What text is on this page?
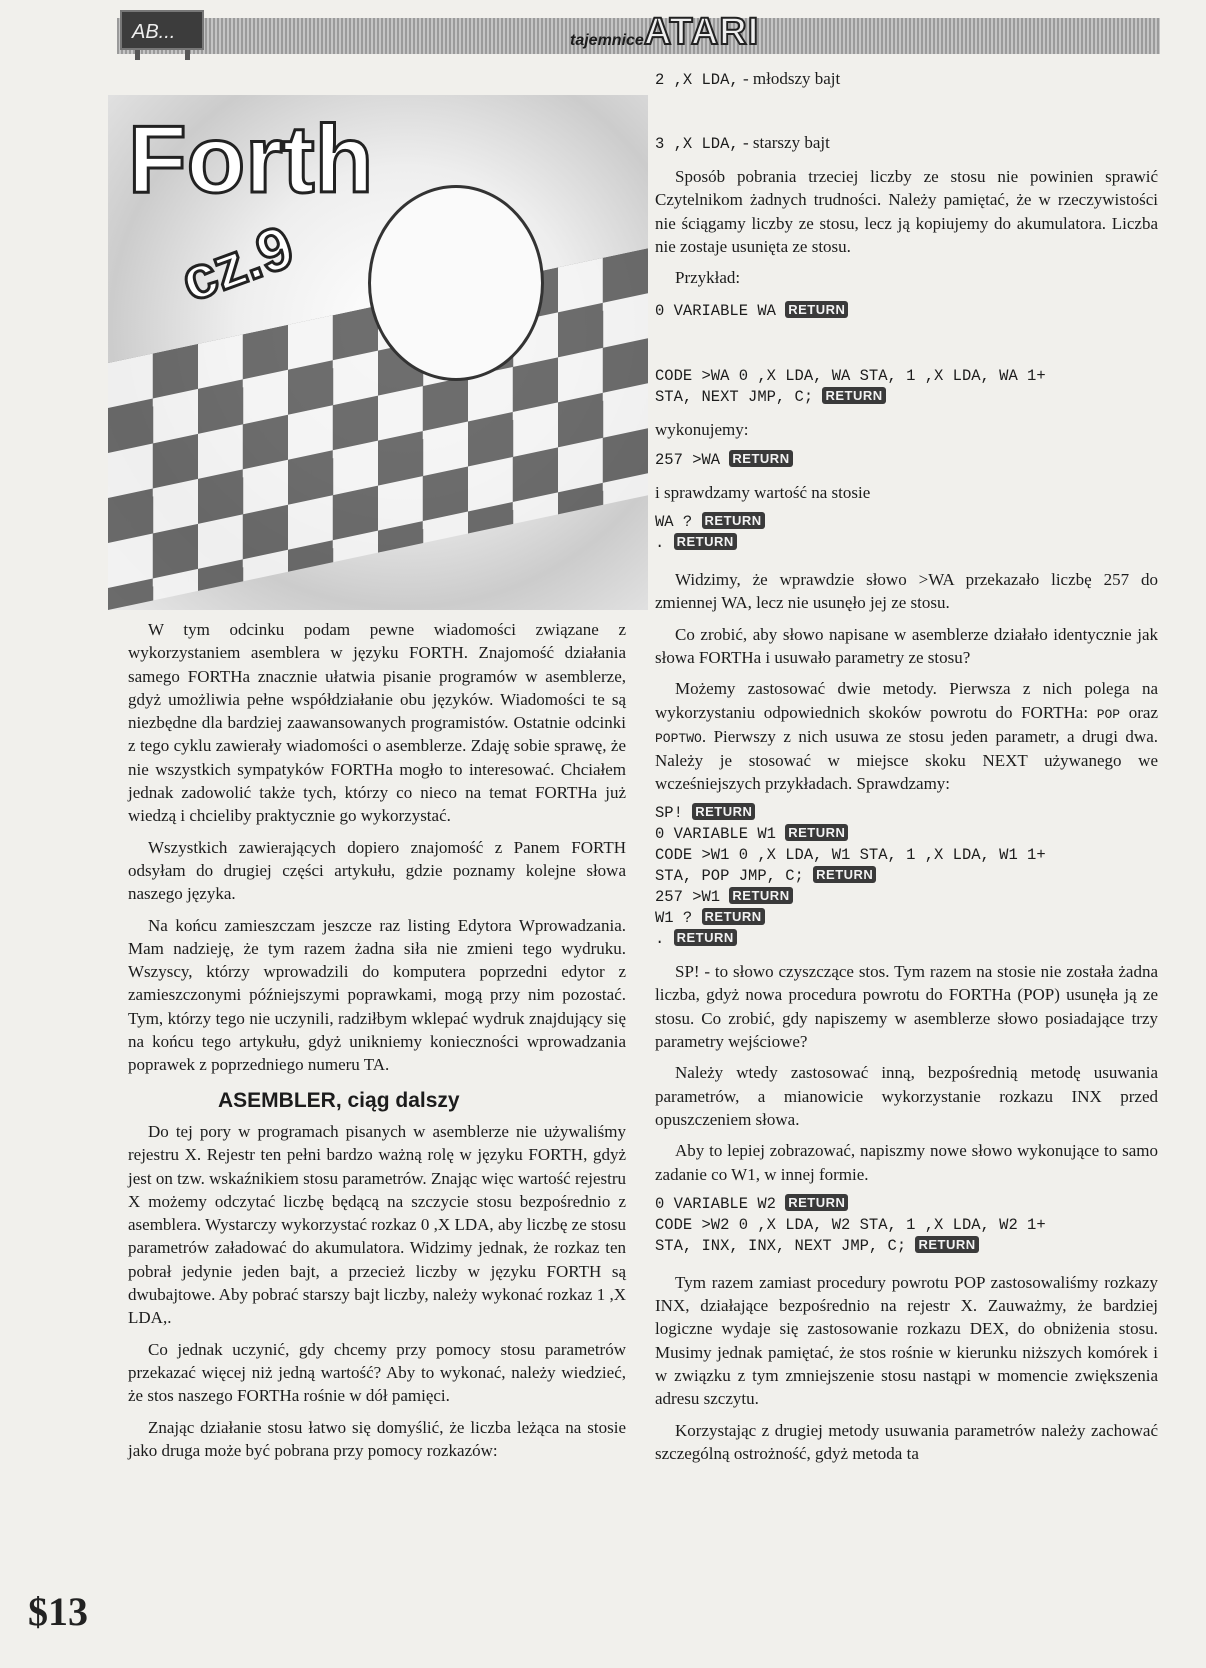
AB...	tajemniceATARI
Forth
cz.9

W tym odcinku podam pewne wiadomości związane z wykorzystaniem asemblera w języku FORTH. Znajomość działania samego FORTHa znacznie ułatwia pisanie programów w asemblerze, gdyż umożliwia pełne współdziałanie obu języków. Wiadomości te są niezbędne dla bardziej zaawansowanych programistów. Ostatnie odcinki z tego cyklu zawierały wiadomości o asemblerze. Zdaję sobie sprawę, że nie wszystkich sympatyków FORTHa mogło to interesować. Chciałem jednak zadowolić także tych, którzy co nieco na temat FORTHa już wiedzą i chcieliby praktycznie go wykorzystać.

Wszystkich zawierających dopiero znajomość z Panem FORTH odsyłam do drugiej części artykułu, gdzie poznamy kolejne słowa naszego języka.

Na końcu zamieszczam jeszcze raz listing Edytora Wprowadzania. Mam nadzieję, że tym razem żadna siła nie zmieni tego wydruku. Wszyscy, którzy wprowadzili do komputera poprzedni edytor z zamieszczonymi późniejszymi poprawkami, mogą przy nim pozostać. Tym, którzy tego nie uczynili, radziłbym wklepać wydruk znajdujący się na końcu tego artykułu, gdyż unikniemy konieczności wprowadzania poprawek z poprzedniego numeru TA.

ASEMBLER, ciąg dalszy

Do tej pory w programach pisanych w asemblerze nie używaliśmy rejestru X. Rejestr ten pełni bardzo ważną rolę w języku FORTH, gdyż jest on tzw. wskaźnikiem stosu parametrów. Znając więc wartość rejestru X możemy odczytać liczbę będącą na szczycie stosu bezpośrednio z asemblera. Wystarczy wykorzystać rozkaz 0 ,X LDA, aby liczbę ze stosu parametrów załadować do akumulatora. Widzimy jednak, że rozkaz ten pobrał jedynie jeden bajt, a przecież liczby w języku FORTH są dwubajtowe. Aby pobrać starszy bajt liczby, należy wykonać rozkaz 1 ,X LDA,.

Co jednak uczynić, gdy chcemy przy pomocy stosu parametrów przekazać więcej niż jedną wartość? Aby to wykonać, należy wiedzieć, że stos naszego FORTHa rośnie w dół pamięci.

Znając działanie stosu łatwo się domyślić, że liczba leżąca na stosie jako druga może być pobrana przy pomocy rozkazów:

2 ,X LDA, - młodszy bajt

3 ,X LDA, - starszy bajt

Sposób pobrania trzeciej liczby ze stosu nie powinien sprawić Czytelnikom żadnych trudności. Należy pamiętać, że w rzeczywistości nie ściągamy liczby ze stosu, lecz ją kopiujemy do akumulatora. Liczba nie zostaje usunięta ze stosu.

Przykład:

0 VARIABLE WA RETURN
CODE >WA 0 ,X LDA, WA STA, 1 ,X LDA, WA 1+
STA, NEXT JMP, C; RETURN

wykonujemy:

257 >WA RETURN

i sprawdzamy wartość na stosie

WA ? RETURN
. RETURN

Widzimy, że wprawdzie słowo >WA przekazało liczbę 257 do zmiennej WA, lecz nie usunęło jej ze stosu.

Co zrobić, aby słowo napisane w asemblerze działało identycznie jak słowa FORTHa i usuwało parametry ze stosu?

Możemy zastosować dwie metody. Pierwsza z nich polega na wykorzystaniu odpowiednich skoków powrotu do FORTHa: POP oraz POPTWO. Pierwszy z nich usuwa ze stosu jeden parametr, a drugi dwa. Należy je stosować w miejsce skoku NEXT używanego we wcześniejszych przykładach. Sprawdzamy:

SP! RETURN
0 VARIABLE W1 RETURN
CODE >W1 0 ,X LDA, W1 STA, 1 ,X LDA, W1 1+
STA, POP JMP, C; RETURN
257 >W1 RETURN
W1 ? RETURN
. RETURN

SP! - to słowo czyszczące stos. Tym razem na stosie nie została żadna liczba, gdyż nowa procedura powrotu do FORTHa (POP) usunęła ją ze stosu. Co zrobić, gdy napiszemy w asemblerze słowo posiadające trzy parametry wejściowe?

Należy wtedy zastosować inną, bezpośrednią metodę usuwania parametrów, a mianowicie wykorzystanie rozkazu INX przed opuszczeniem słowa.

Aby to lepiej zobrazować, napiszmy nowe słowo wykonujące to samo zadanie co W1, w innej formie.

0 VARIABLE W2 RETURN
CODE >W2 0 ,X LDA, W2 STA, 1 ,X LDA, W2 1+
STA, INX, INX, NEXT JMP, C; RETURN

Tym razem zamiast procedury powrotu POP zastosowaliśmy rozkazy INX, działające bezpośrednio na rejestr X. Zauważmy, że bardziej logiczne wydaje się zastosowanie rozkazu DEX, do obniżenia stosu. Musimy jednak pamiętać, że stos rośnie w kierunku niższych komórek i w związku z tym zmniejszenie stosu nastąpi w momencie zwiększenia adresu szczytu.

Korzystając z drugiej metody usuwania parametrów należy zachować szczególną ostrożność, gdyż metoda ta

$13
